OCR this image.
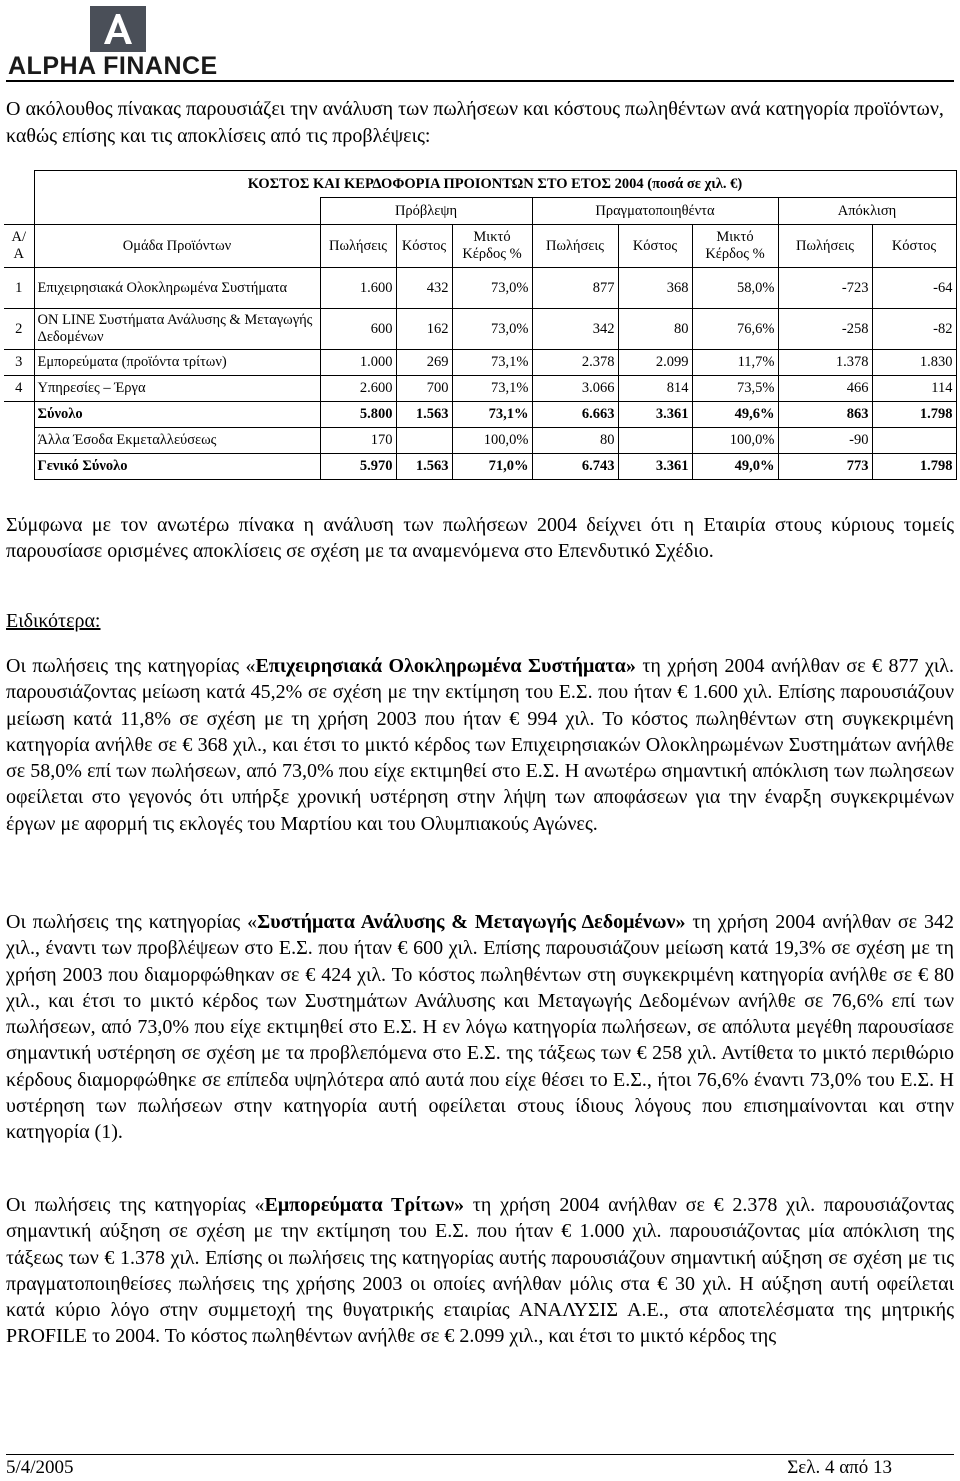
ALPHA FINANCE

Ο ακόλουθος πίνακας παρουσιάζει την ανάλυση των πωλήσεων και κόστους πωληθέντων ανά κατηγορία προϊόντων, καθώς επίσης και τις αποκλίσεις από τις προβλέψεις:

	ΚΟΣΤΟΣ ΚΑΙ ΚΕΡΔΟΦΟΡΙΑ ΠΡΟΙΟΝΤΩΝ ΣΤΟ ΕΤΟΣ 2004 (ποσά σε χιλ. €)								
		Πρόβλεψη			Πραγματοποιηθέντα			Απόκλιση	
Α/Α	Ομάδα Προϊόντων	Πωλήσεις	Κόστος	Μικτό Κέρδος %	Πωλήσεις	Κόστος	Μικτό Κέρδος %	Πωλήσεις	Κόστος
1	Επιχειρησιακά Ολοκληρωμένα Συστήματα	1.600	432	73,0%	877	368	58,0%	-723	-64
2	ON LINE Συστήματα Ανάλυσης & Μεταγωγής Δεδομένων	600	162	73,0%	342	80	76,6%	-258	-82
3	Εμπορεύματα (προϊόντα τρίτων)	1.000	269	73,1%	2.378	2.099	11,7%	1.378	1.830
4	Υπηρεσίες – Έργα	2.600	700	73,1%	3.066	814	73,5%	466	114
	Σύνολο	5.800	1.563	73,1%	6.663	3.361	49,6%	863	1.798
	Άλλα Έσοδα Εκμεταλλεύσεως	170		100,0%	80		100,0%	-90	
	Γενικό Σύνολο	5.970	1.563	71,0%	6.743	3.361	49,0%	773	1.798

Σύμφωνα με τον ανωτέρω πίνακα η ανάλυση των πωλήσεων 2004 δείχνει ότι η Εταιρία στους κύριους τομείς παρουσίασε ορισμένες αποκλίσεις σε σχέση με τα αναμενόμενα στο Επενδυτικό Σχέδιο.

Ειδικότερα:

Οι πωλήσεις της κατηγορίας «Επιχειρησιακά Ολοκληρωμένα Συστήματα» τη χρήση 2004 ανήλθαν σε € 877 χιλ. παρουσιάζοντας μείωση κατά 45,2% σε σχέση με την εκτίμηση του Ε.Σ. που ήταν € 1.600 χιλ. Επίσης παρουσιάζουν μείωση κατά 11,8% σε σχέση με τη χρήση 2003 που ήταν € 994 χιλ. Το κόστος πωληθέντων στη συγκεκριμένη κατηγορία ανήλθε σε € 368 χιλ., και έτσι το μικτό κέρδος των Επιχειρησιακών Ολοκληρωμένων Συστημάτων ανήλθε σε 58,0% επί των πωλήσεων, από 73,0% που είχε εκτιμηθεί στο Ε.Σ. Η ανωτέρω σημαντική απόκλιση των πωλησεων οφείλεται στο γεγονός ότι υπήρξε χρονική υστέρηση στην λήψη των αποφάσεων για την έναρξη συγκεκριμένων έργων με αφορμή τις εκλογές του Μαρτίου και του Ολυμπιακούς Αγώνες.

Οι πωλήσεις της κατηγορίας «Συστήματα Ανάλυσης & Μεταγωγής Δεδομένων» τη χρήση 2004 ανήλθαν σε 342 χιλ., έναντι των προβλέψεων στο Ε.Σ. που ήταν € 600 χιλ. Επίσης παρουσιάζουν μείωση κατά 19,3% σε σχέση με τη χρήση 2003 που διαμορφώθηκαν σε € 424 χιλ. Το κόστος πωληθέντων στη συγκεκριμένη κατηγορία ανήλθε σε € 80 χιλ., και έτσι το μικτό κέρδος των Συστημάτων Ανάλυσης και Μεταγωγής Δεδομένων ανήλθε σε 76,6% επί των πωλήσεων, από 73,0% που είχε εκτιμηθεί στο Ε.Σ. Η εν λόγω κατηγορία πωλήσεων, σε απόλυτα μεγέθη παρουσίασε σημαντική υστέρηση σε σχέση με τα προβλεπόμενα στο Ε.Σ. της τάξεως των € 258 χιλ. Αντίθετα το μικτό περιθώριο κέρδους διαμορφώθηκε σε επίπεδα υψηλότερα από αυτά που είχε θέσει το Ε.Σ., ήτοι 76,6% έναντι 73,0% του Ε.Σ. Η υστέρηση των πωλήσεων στην κατηγορία αυτή οφείλεται στους ίδιους λόγους που επισημαίνονται και στην κατηγορία (1).

Οι πωλήσεις της κατηγορίας «Εμπορεύματα Τρίτων» τη χρήση 2004 ανήλθαν σε € 2.378 χιλ. παρουσιάζοντας σημαντική αύξηση σε σχέση με την εκτίμηση του Ε.Σ. που ήταν € 1.000 χιλ. παρουσιάζοντας μία απόκλιση της τάξεως των € 1.378 χιλ. Επίσης οι πωλήσεις της κατηγορίας αυτής παρουσιάζουν σημαντική αύξηση σε σχέση με τις πραγματοποιηθείσες πωλήσεις της χρήσης 2003 οι οποίες ανήλθαν μόλις στα € 30 χιλ. Η αύξηση αυτή οφείλεται κατά κύριο λόγο στην συμμετοχή της θυγατρικής εταιρίας ΑΝΑΛΥΣΙΣ Α.Ε., στα αποτελέσματα της μητρικής PROFILE το 2004. Το κόστος πωληθέντων ανήλθε σε € 2.099 χιλ., και έτσι το μικτό κέρδος της

5/4/2005	Σελ. 4 από 13
